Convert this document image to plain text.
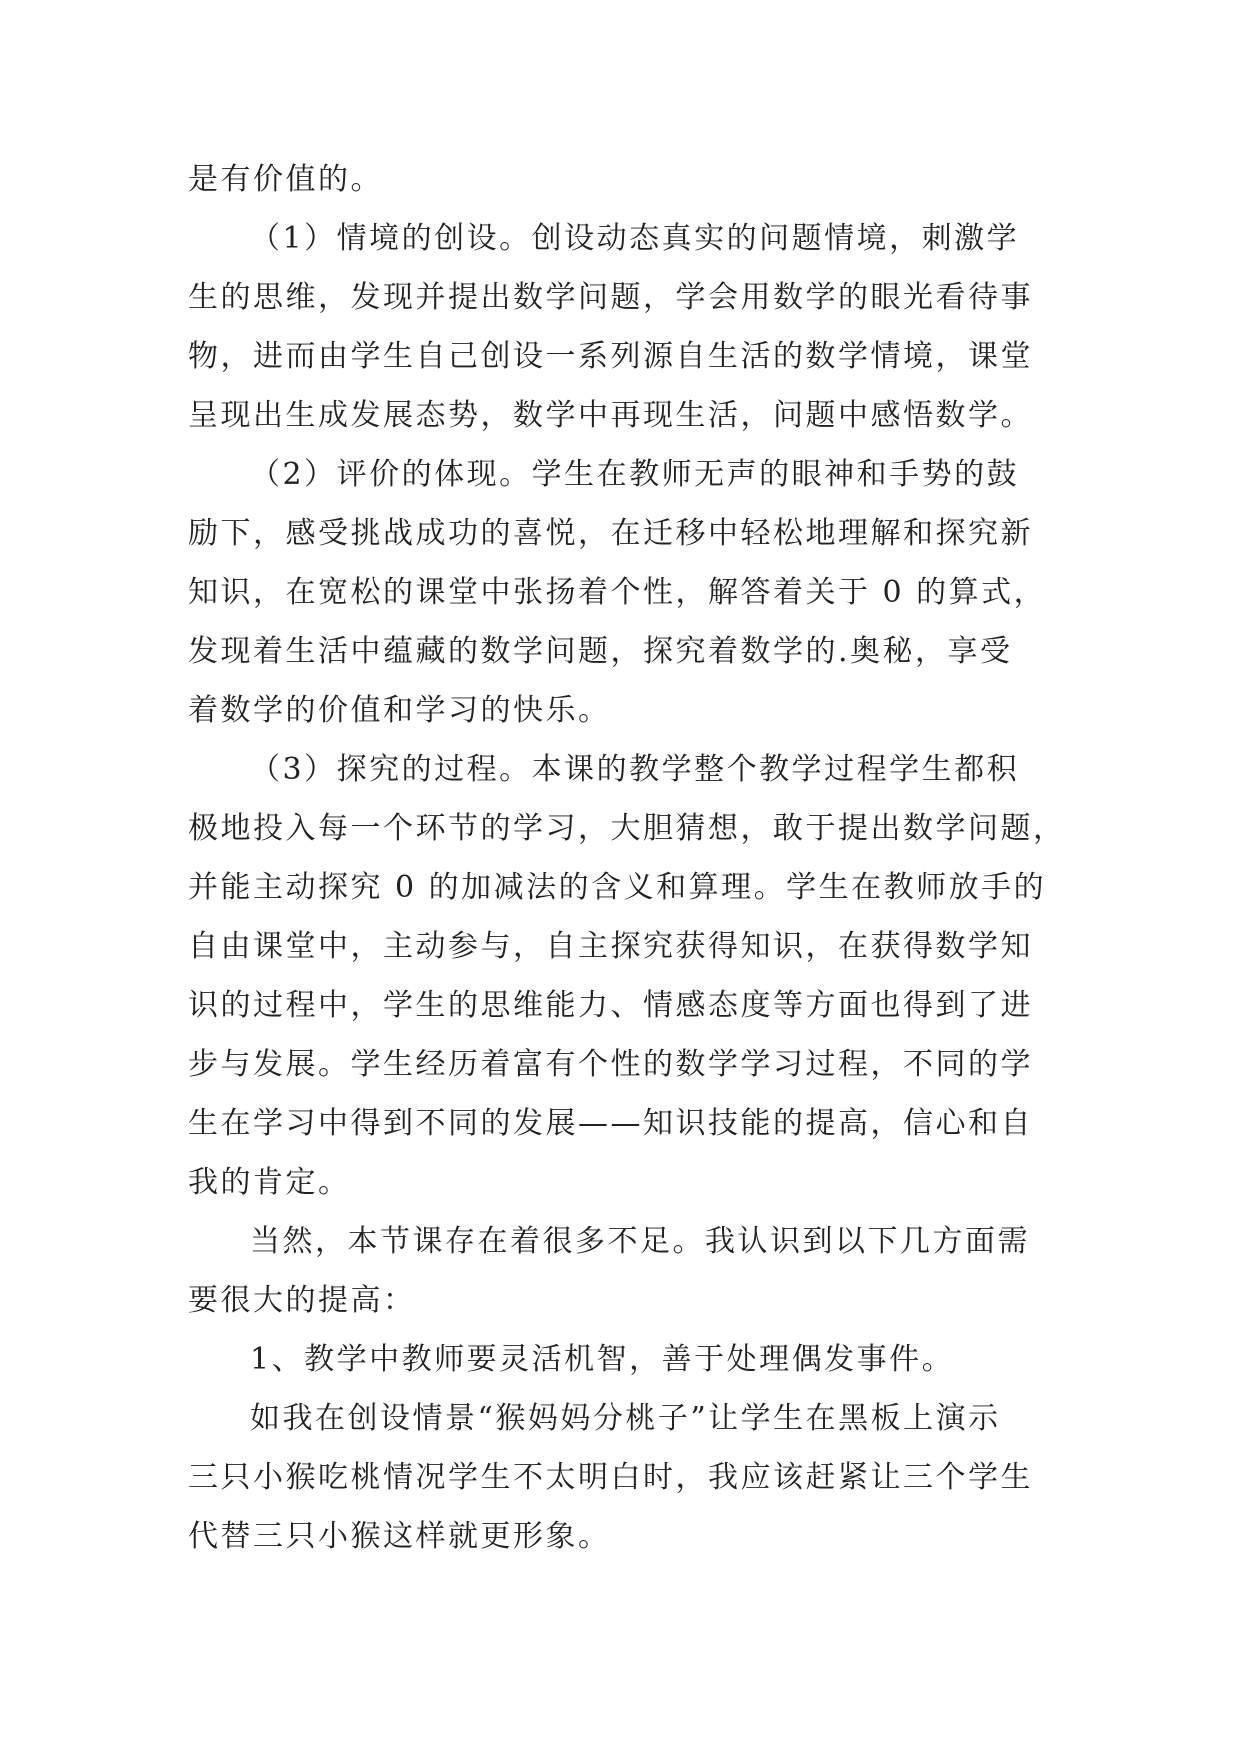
是有价值的。
（1）情境的创设。创设动态真实的问题情境，刺激学
生的思维，发现并提出数学问题，学会用数学的眼光看待事
物，进而由学生自己创设一系列源自生活的数学情境，课堂
呈现出生成发展态势，数学中再现生活，问题中感悟数学。
（2）评价的体现。学生在教师无声的眼神和手势的鼓
励下，感受挑战成功的喜悦，在迁移中轻松地理解和探究新
知识，在宽松的课堂中张扬着个性，解答着关于 0 的算式，
发现着生活中蕴藏的数学问题，探究着数学的.奥秘，享受
着数学的价值和学习的快乐。
（3）探究的过程。本课的教学整个教学过程学生都积
极地投入每一个环节的学习，大胆猜想，敢于提出数学问题，
并能主动探究 0 的加减法的含义和算理。学生在教师放手的
自由课堂中，主动参与，自主探究获得知识，在获得数学知
识的过程中，学生的思维能力、情感态度等方面也得到了进
步与发展。学生经历着富有个性的数学学习过程，不同的学
生在学习中得到不同的发展——知识技能的提高，信心和自
我的肯定。
当然，本节课存在着很多不足。我认识到以下几方面需
要很大的提高：
1、教学中教师要灵活机智，善于处理偶发事件。
如我在创设情景“猴妈妈分桃子”让学生在黑板上演示
三只小猴吃桃情况学生不太明白时，我应该赶紧让三个学生
代替三只小猴这样就更形象。
